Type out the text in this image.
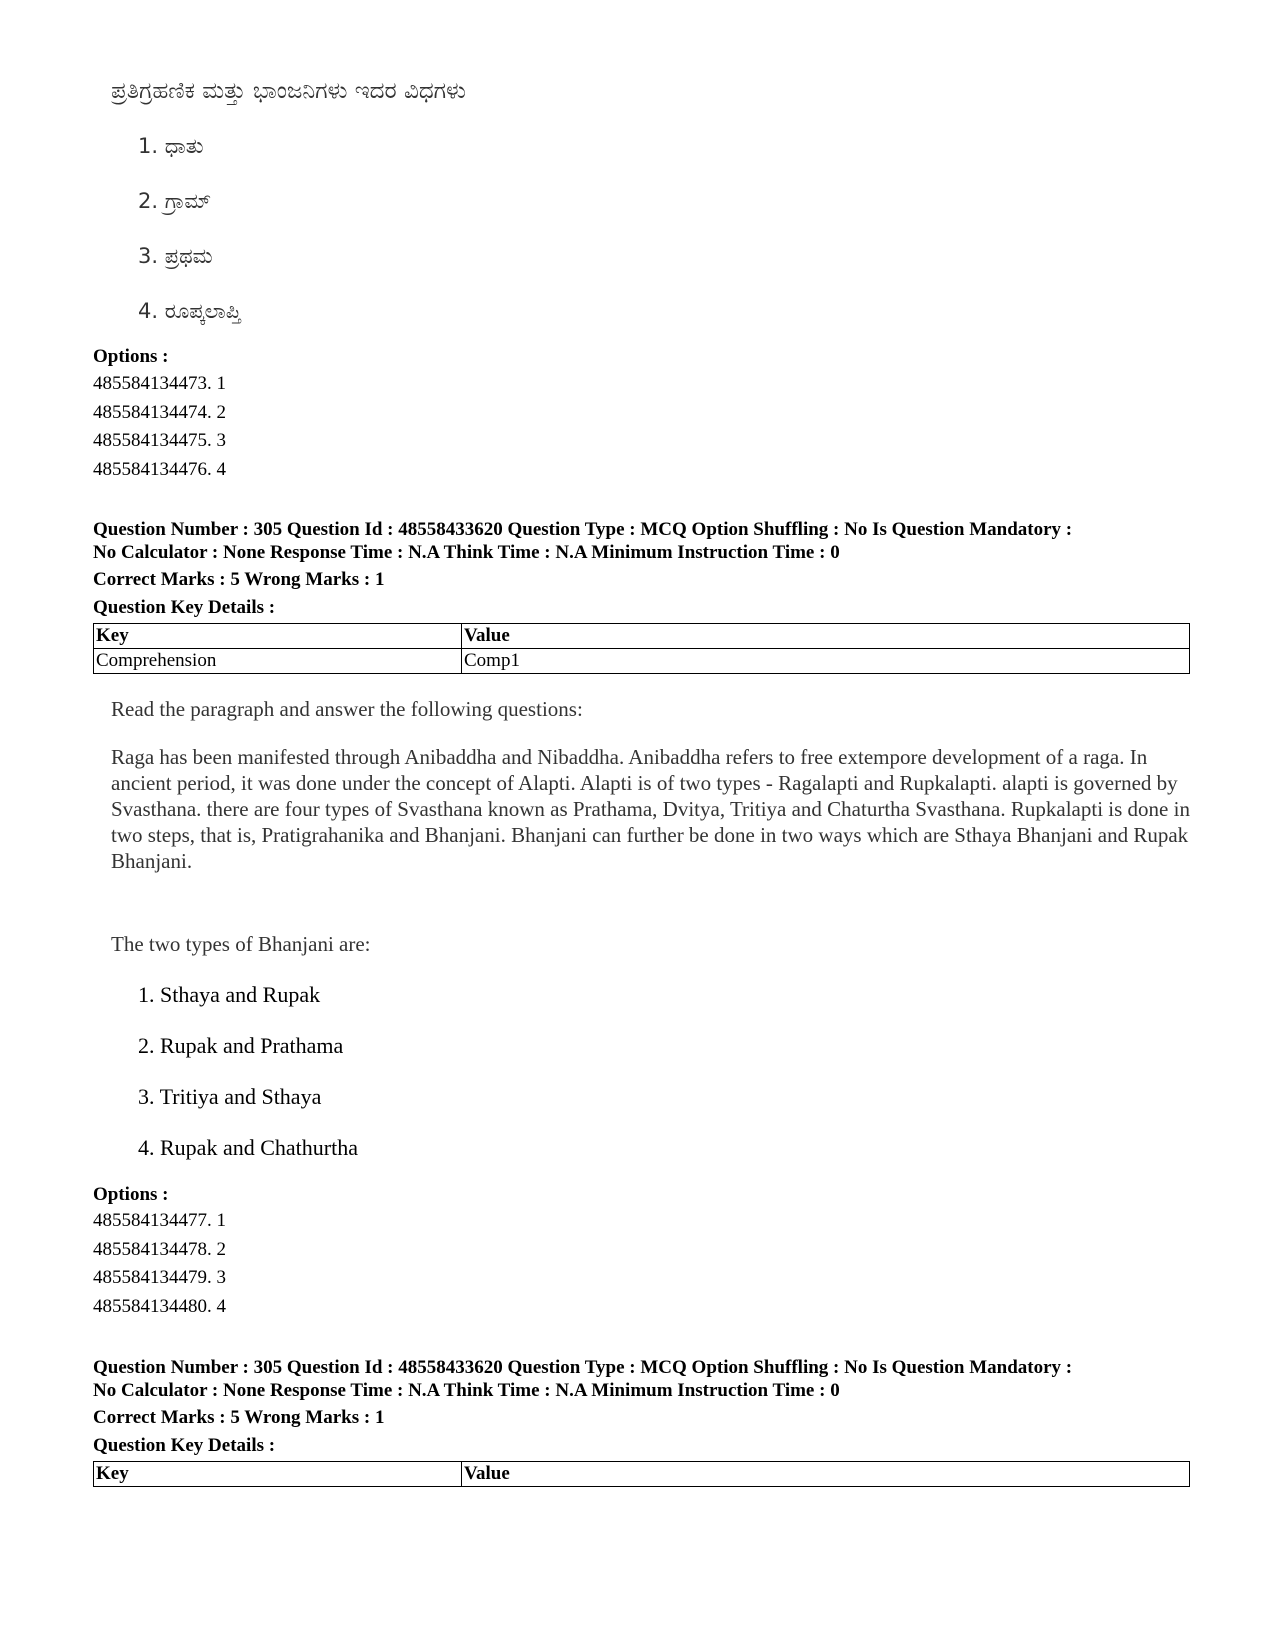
ಪ್ರತಿಗ್ರಹಣಿಕ ಮತ್ತು ಭಾಂಜನಿಗಳು ಇದರ ವಿಧಗಳು
1. ಧಾತು
2. ಗ್ರಾಮ್
3. ಪ್ರಥಮ
4. ರೂಪ್ಕಲಾಪ್ತಿ
Options :
485584134473. 1
485584134474. 2
485584134475. 3
485584134476. 4
Question Number : 305 Question Id : 48558433620 Question Type : MCQ Option Shuffling : No Is Question Mandatory :
No Calculator : None Response Time : N.A Think Time : N.A Minimum Instruction Time : 0
Correct Marks : 5 Wrong Marks : 1
Question Key Details :
Key	Value
Comprehension	Comp1

Read the paragraph and answer the following questions:

Raga has been manifested through Anibaddha and Nibaddha. Anibaddha refers to free extempore development of a raga. In ancient period, it was done under the concept of Alapti. Alapti is of two types - Ragalapti and Rupkalapti. alapti is governed by Svasthana. there are four types of Svasthana known as Prathama, Dvitya, Tritiya and Chaturtha Svasthana. Rupkalapti is done in two steps, that is, Pratigrahanika and Bhanjani. Bhanjani can further be done in two ways which are Sthaya Bhanjani and Rupak Bhanjani.

The two types of Bhanjani are:
1. Sthaya and Rupak
2. Rupak and Prathama
3. Tritiya and Sthaya
4. Rupak and Chathurtha
Options :
485584134477. 1
485584134478. 2
485584134479. 3
485584134480. 4
Question Number : 305 Question Id : 48558433620 Question Type : MCQ Option Shuffling : No Is Question Mandatory :
No Calculator : None Response Time : N.A Think Time : N.A Minimum Instruction Time : 0
Correct Marks : 5 Wrong Marks : 1
Question Key Details :
Key	Value
